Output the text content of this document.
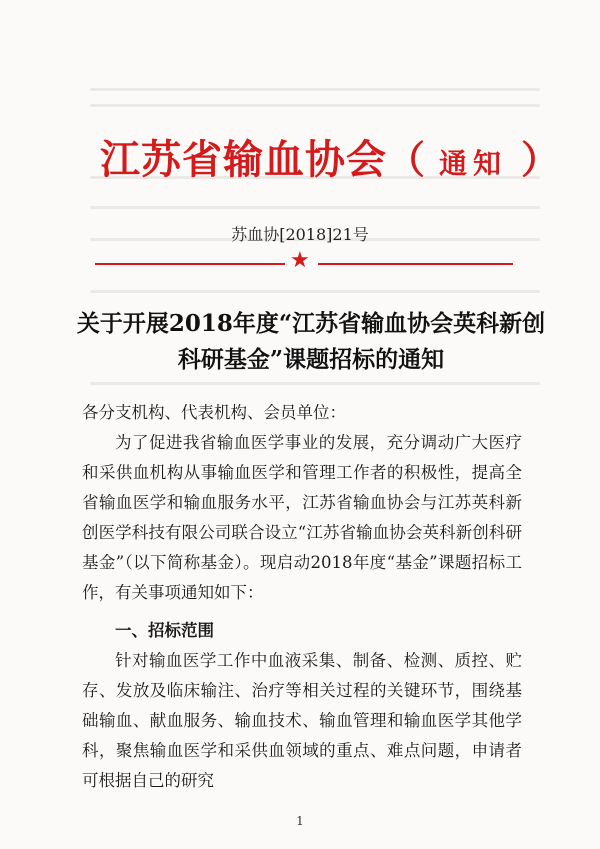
江苏省输血协会 （ 通知 ）
苏血协[2018]21号
★
关于开展2018年度“江苏省输血协会英科新创科研基金”课题招标的通知

各分支机构、代表机构、会员单位：

为了促进我省输血医学事业的发展，充分调动广大医疗和采供血机构从事输血医学和管理工作者的积极性，提高全省输血医学和输血服务水平，江苏省输血协会与江苏英科新创医学科技有限公司联合设立“江苏省输血协会英科新创科研基金”（以下简称基金）。现启动2018年度“基金”课题招标工作，有关事项通知如下：

一、招标范围

针对输血医学工作中血液采集、制备、检测、质控、贮存、发放及临床输注、治疗等相关过程的关键环节，围绕基础输血、献血服务、输血技术、输血管理和输血医学其他学科，聚焦输血医学和采供血领域的重点、难点问题，申请者可根据自己的研究

1
